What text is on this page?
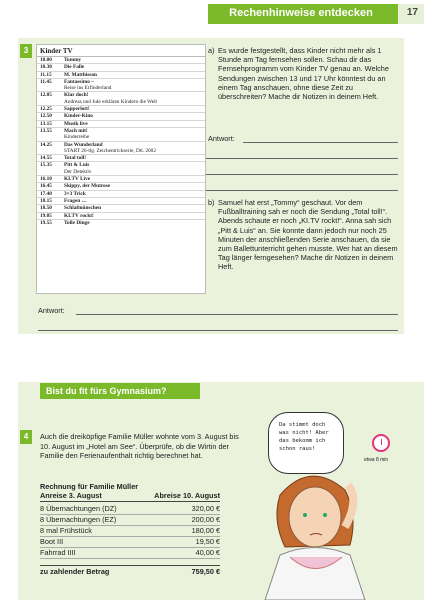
Rechenhinweise entdecken	17
3	Kinder TV
10.00	Tommy
10.30	Die Falle
11.15	M. Matthisson
11.45	Fantassimo –
Reise ins Erfinderland
12.05	Klar doch!
Andreas und Jule erklären Kindern die Welt
12.25	Sapperlott!
12.50	Kinder-Kino
13.15	Musik live
13.55	Mach mit!
Kinderreihe
14.25	Das Wunderland
START 26-tlg. Zeichentrickserie, Dtl. 2002
14.55	Total toll!
15.35	Pitt & Luis
Der Detektiv
16.10	KI.TV Live
16.45	Skippy, der Mutrose
17.40	3×3 Trick
18.15	Fragen …
18.50	Schlafmünschen
19.05	KI.TV rockt!
19.55	Tolle Dinge
a) Es wurde festgestellt, dass Kinder nicht mehr als 1 Stunde am Tag fernsehen sollen. Schau dir das Fernsehprogramm vom Kinder TV genau an. Welche Sendungen zwischen 13 und 17 Uhr könntest du an einem Tag anschauen, ohne diese Zeit zu überschreiten? Mache dir Notizen in deinem Heft.
Antwort:
b) Samuel hat erst „Tommy“ geschaut. Vor dem Fußballtraining sah er noch die Sendung „Total toll!“. Abends schaute er noch „KI.TV rockt!“. Anna sah sich „Pitt & Luis“ an. Sie konnte dann jedoch nur noch 25 Minuten der anschließenden Serie anschauen, da sie zum Ballettunterricht gehen musste. Wer hat an diesem Tag länger ferngesehen? Mache dir Notizen in deinem Heft.
Antwort:
4
Bist du fit fürs Gymnasium?
Auch die dreiköpfige Familie Müller wohnte vom 3. August bis 10. August im „Hotel am See“. Überprüfe, ob die Wirtin der Familie den Ferienaufenthalt richtig berechnet hat.
Rechnung für Familie Müller
Anreise 3. August	Abreise 10. August
8 Übernachtungen (DZ)	320,00 €
8 Übernachtungen (EZ)	200,00 €
8 mal Frühstück	180,00 €
Boot III	19,50 €
Fahrrad IIII	40,00 €
zu zahlender Betrag	759,50 €
Da stimmt doch was nicht! Aber das bekomm ich schon raus!
etwa 8 min
